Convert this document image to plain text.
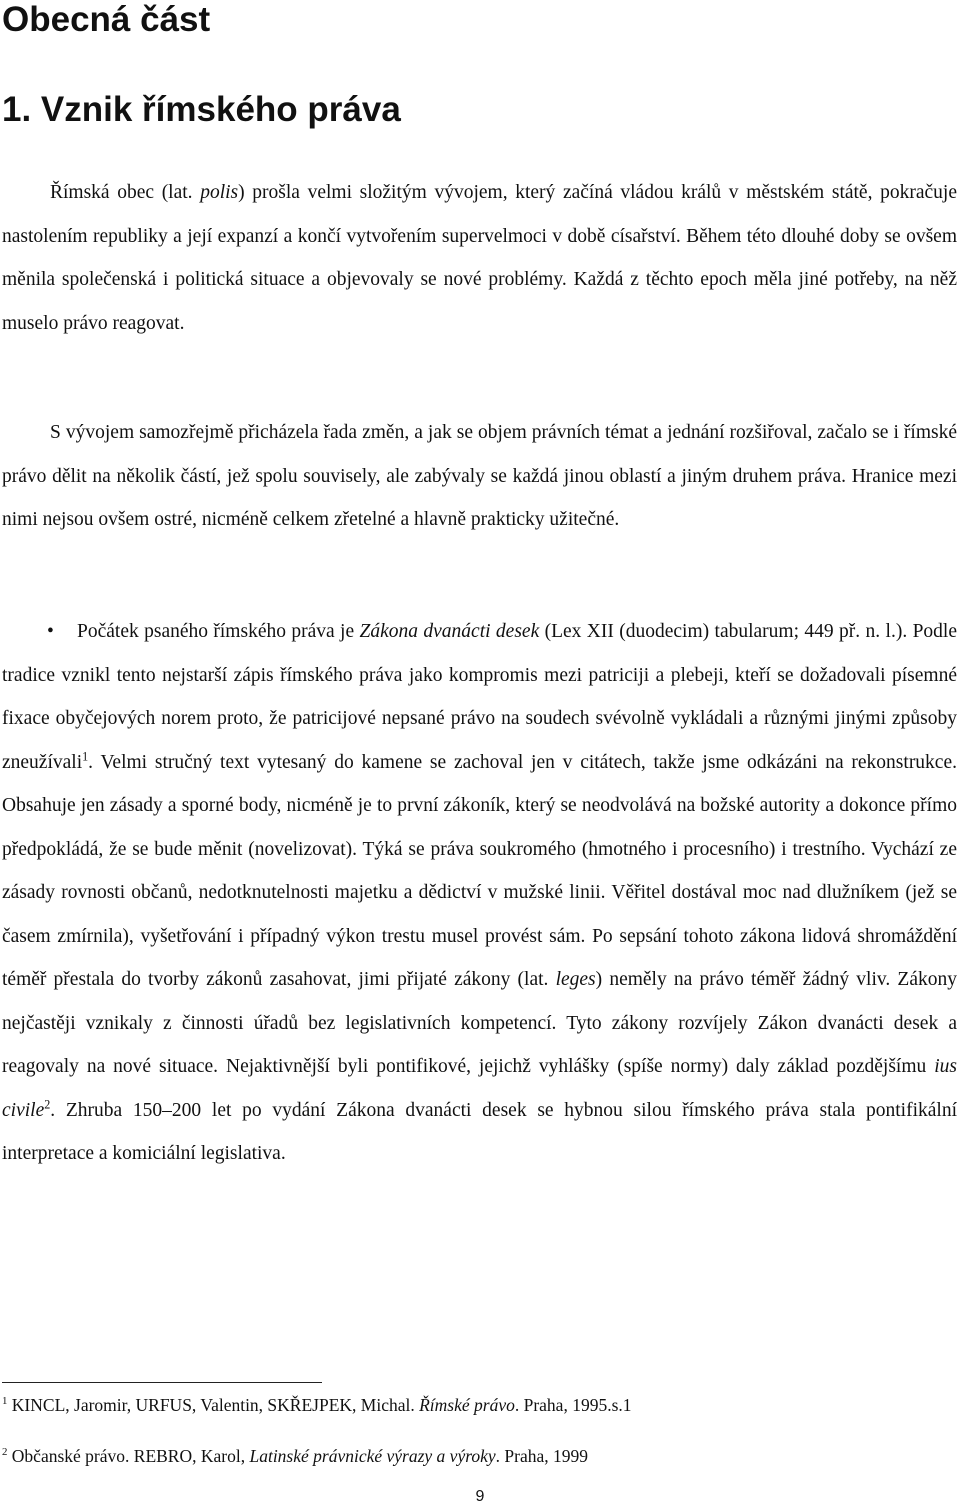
Obecná část
1. Vznik římského práva

Římská obec (lat. polis) prošla velmi složitým vývojem, který začíná vládou králů v městském státě, pokračuje nastolením republiky a její expanzí a končí vytvořením supervelmoci v době císařství. Během této dlouhé doby se ovšem měnila společenská i politická situace a objevovaly se nové problémy. Každá z těchto epoch měla jiné potřeby, na něž muselo právo reagovat.

S vývojem samozřejmě přicházela řada změn, a jak se objem právních témat a jednání rozšiřoval, začalo se i římské právo dělit na několik částí, jež spolu souvisely, ale zabývaly se každá jinou oblastí a jiným druhem práva. Hranice mezi nimi nejsou ovšem ostré, nicméně celkem zřetelné a hlavně prakticky užitečné.

• Počátek psaného římského práva je Zákona dvanácti desek (Lex XII (duodecim) tabularum; 449 př. n. l.). Podle tradice vznikl tento nejstarší zápis římského práva jako kompromis mezi patriciji a plebeji, kteří se dožadovali písemné fixace obyčejových norem proto, že patricijové nepsané právo na soudech svévolně vykládali a různými jinými způsoby zneužívali$^1$. Velmi stručný text vytesaný do kamene se zachoval jen v citátech, takže jsme odkázáni na rekonstrukce. Obsahuje jen zásady a sporné body, nicméně je to první zákoník, který se neodvolává na božské autority a dokonce přímo předpokládá, že se bude měnit (novelizovat). Týká se práva soukromého (hmotného i procesního) i trestního. Vychází ze zásady rovnosti občanů, nedotknutelnosti majetku a dědictví v mužské linii. Věřitel dostával moc nad dlužníkem (jež se časem zmírnila), vyšetřování i případný výkon trestu musel provést sám. Po sepsání tohoto zákona lidová shromáždění téměř přestala do tvorby zákonů zasahovat, jimi přijaté zákony (lat. leges) neměly na právo téměř žádný vliv. Zákony nejčastěji vznikaly z činnosti úřadů bez legislativních kompetencí. Tyto zákony rozvíjely Zákon dvanácti desek a reagovaly na nové situace. Nejaktivnější byli pontifikové, jejichž vyhlášky (spíše normy) daly základ pozdějšímu ius civile$^2$. Zhruba 150–200 let po vydání Zákona dvanácti desek se hybnou silou římského práva stala pontifikální interpretace a komiciální legislativa.

$^1$ KINCL, Jaromir, URFUS, Valentin, SKŘEJPEK, Michal. Římské právo. Praha, 1995.s.1

$^2$ Občanské právo. REBRO, Karol, Latinské právnické výrazy a výroky. Praha, 1999

9
